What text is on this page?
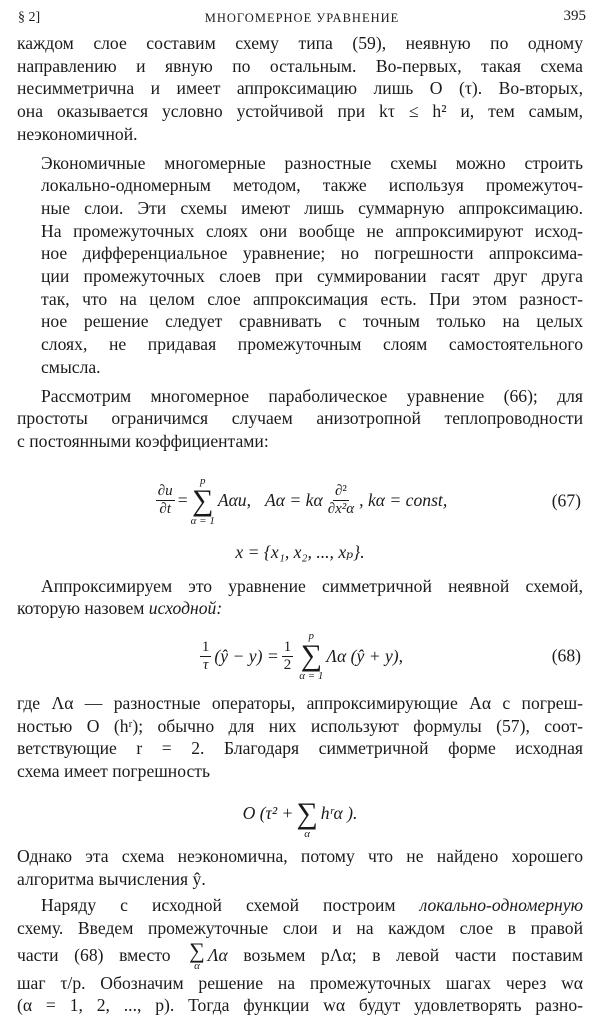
§ 2]	МНОГОМЕРНОЕ УРАВНЕНИЕ	395

каждом слое составим схему типа (59), неявную по одному
направлению и явную по остальным. Во-первых, такая схема
несимметрична и имеет аппроксимацию лишь O (τ). Во-вторых,
она оказывается условно устойчивой при kτ ≤ h² и, тем самым,
неэкономичной.

Экономичные многомерные разностные схемы можно строить
локально-одномерным методом, также используя промежуточ-
ные слои. Эти схемы имеют лишь суммарную аппроксимацию.
На промежуточных слоях они вообще не аппроксимируют исход-
ное дифференциальное уравнение; но погрешности аппроксима-
ции промежуточных слоев при суммировании гасят друг друга
так, что на целом слое аппроксимация есть. При этом разност-
ное решение следует сравнивать с точным только на целых
слоях, не придавая промежуточным слоям самостоятельного
смысла.

Рассмотрим многомерное параболическое уравнение (66); для
простоты ограничимся случаем анизотропной теплопроводности
с постоянными коэффициентами:

$\frac{\partial u}{\partial t}$ =
p
∑
α = 1
Aαu, Aα = kα $\frac{\text{∂²}}{\text{∂x²α}}$ , kα = const,	(67)
x = {x₁, x₂, ..., xₚ}.

Аппроксимируем это уравнение симметричной неявной схемой,
которую назовем исходной:

$\frac{1}{\tau}$ (ŷ − $y) = \frac{1}{2}$
p
∑
α = 1
Λα (ŷ + y),	(68)

где Λα — разностные операторы, аппроксимирующие Aα с погреш-
ностью O (hʳ); обычно для них используют формулы (57), соот-
ветствующие r = 2. Благодаря симметричной форме исходная
схема имеет погрешность

O (τ² +
∑
α
hʳα ).

Однако эта схема неэкономична, потому что не найдено хорошего
алгоритма вычисления ŷ.

Наряду с исходной схемой построим локально-одномерную
схему. Введем промежуточные слои и на каждом слое в правой
части (68) вместо ∑
α
Λα возьмем pΛα; в левой части поставим
шаг τ/p. Обозначим решение на промежуточных шагах через wα
(α = 1, 2, ..., p). Тогда функции wα будут удовлетворять разно-
